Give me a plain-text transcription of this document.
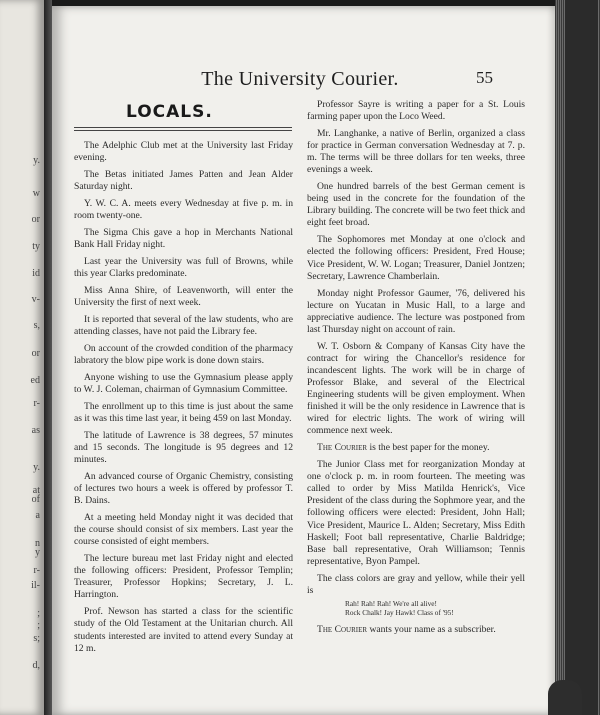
y.
w
or
ty
id
v-
s,
or
ed
r-
as
y.
at
of
a
n
y
r-
il-
;
;
s;
d,
The University Courier.	55
LOCALS.

The Adelphic Club met at the University last Friday evening.

The Betas initiated James Patten and Jean Alder Saturday night.

Y. W. C. A. meets every Wednesday at five p. m. in room twenty-one.

The Sigma Chis gave a hop in Merchants National Bank Hall Friday night.

Last year the University was full of Browns, while this year Clarks predominate.

Miss Anna Shire, of Leavenworth, will enter the University the first of next week.

It is reported that several of the law students, who are attending classes, have not paid the Library fee.

On account of the crowded condition of the pharmacy labratory the blow pipe work is done down stairs.

Anyone wishing to use the Gymnasium please apply to W. J. Coleman, chairman of Gymnasium Committee.

The enrollment up to this time is just about the same as it was this time last year, it being 459 on last Monday.

The latitude of Lawrence is 38 degrees, 57 minutes and 15 seconds. The longitude is 95 degrees and 12 minutes.

An advanced course of Organic Chemistry, consisting of lectures two hours a week is offered by professor T. B. Dains.

At a meeting held Monday night it was decided that the course should consist of six members. Last year the course consisted of eight members.

The lecture bureau met last Friday night and elected the following officers: President, Professor Templin; Treasurer, Professor Hopkins; Secretary, J. L. Harrington.

Prof. Newson has started a class for the scientific study of the Old Testament at the Unitarian church. All students interested are invited to attend every Sunday at 12 m.

Professor Sayre is writing a paper for a St. Louis farming paper upon the Loco Weed.

Mr. Langhanke, a native of Berlin, organized a class for practice in German conversation Wednesday at 7. p. m. The terms will be three dollars for ten weeks, three evenings a week.

One hundred barrels of the best German cement is being used in the concrete for the foundation of the Library building. The concrete will be two feet thick and eight feet broad.

The Sophomores met Monday at one o'clock and elected the following officers: President, Fred House; Vice President, W. W. Logan; Treasurer, Daniel Jontzen; Secretary, Lawrence Chamberlain.

Monday night Professor Gaumer, '76, delivered his lecture on Yucatan in Music Hall, to a large and appreciative audience. The lecture was postponed from last Thursday night on account of rain.

W. T. Osborn & Company of Kansas City have the contract for wiring the Chancellor's residence for incandescent lights. The work will be in charge of Professor Blake, and several of the Electrical Engineering students will be given employment. When finished it will be the only residence in Lawrence that is wired for electric lights. The work of wiring will commence next week.

The Courier is the best paper for the money.

The Junior Class met for reorganization Monday at one o'clock p. m. in room fourteen. The meeting was called to order by Miss Matilda Henrick's, Vice President of the class during the Sophmore year, and the following officers were elected: President, John Hall; Vice President, Maurice L. Alden; Secretary, Miss Edith Haskell; Foot ball representative, Charlie Baldridge; Base ball representative, Orah Williamson; Tennis representative, Byon Pampel.

The class colors are gray and yellow, while their yell is

Rah! Rah! Rah! We're all alive!
Rock Chalk! Jay Hawk! Class of '95!

The Courier wants your name as a subscriber.
